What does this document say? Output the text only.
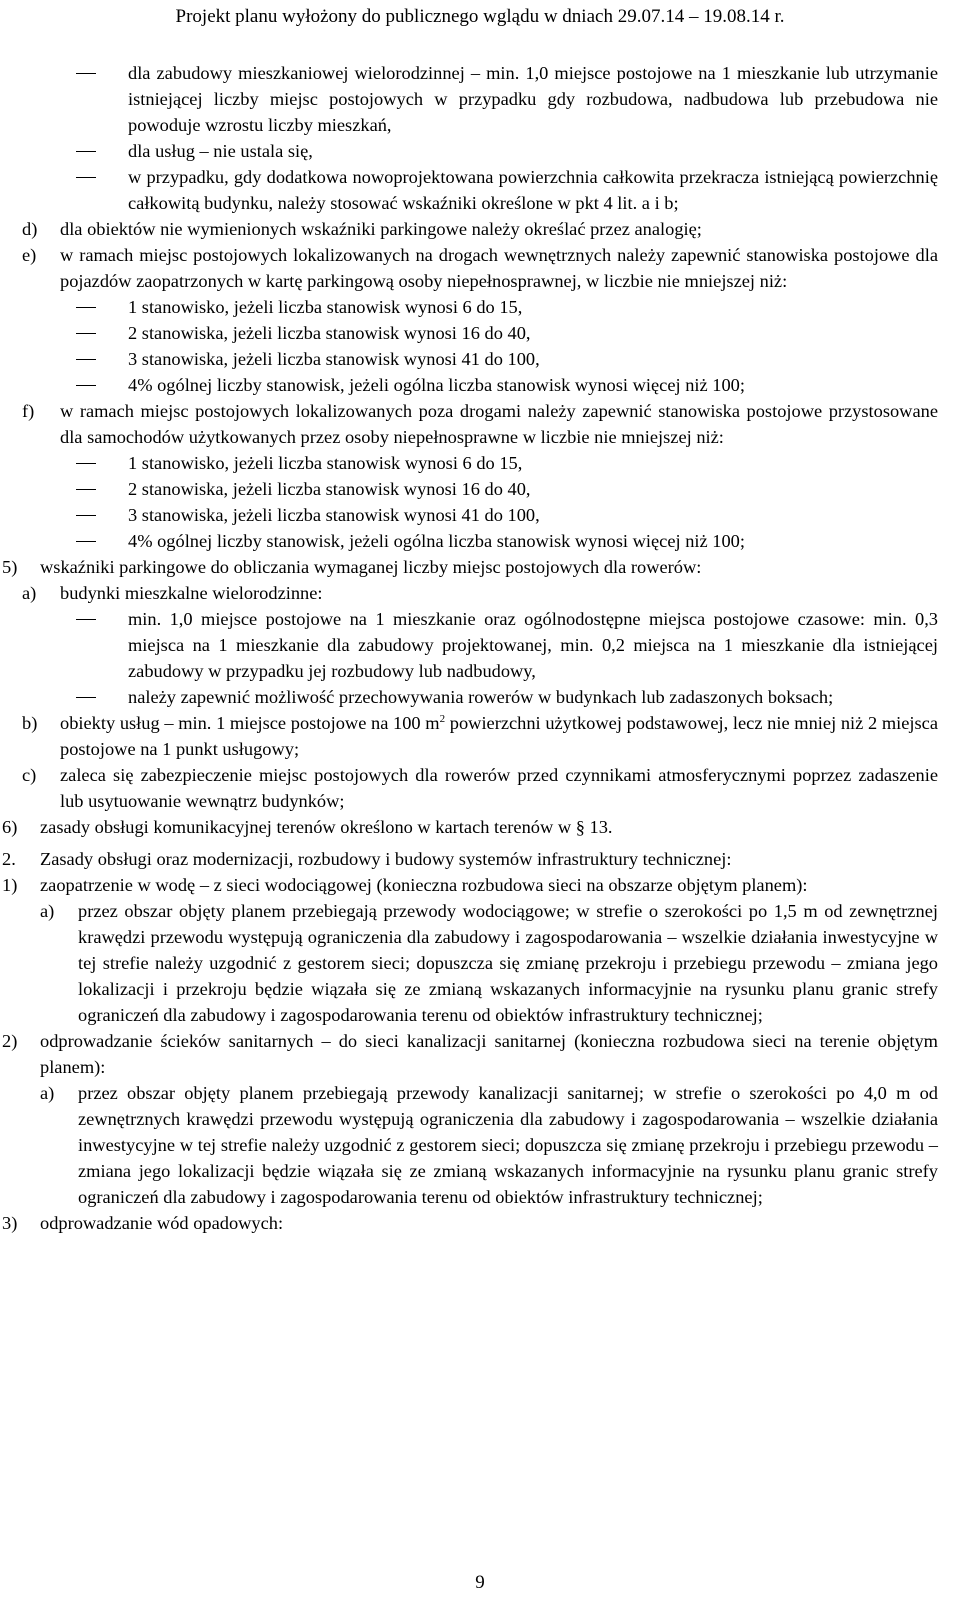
Projekt planu wyłożony do publicznego wglądu w dniach 29.07.14 – 19.08.14 r.
dla zabudowy mieszkaniowej wielorodzinnej – min. 1,0 miejsce postojowe na 1 mieszkanie lub utrzymanie istniejącej liczby miejsc postojowych w przypadku gdy rozbudowa, nadbudowa lub przebudowa nie powoduje wzrostu liczby mieszkań,
dla usług – nie ustala się,
w przypadku, gdy dodatkowa nowoprojektowana powierzchnia całkowita przekracza istniejącą powierzchnię całkowitą budynku, należy stosować wskaźniki określone w pkt 4 lit. a i b;
d)	dla obiektów nie wymienionych wskaźniki parkingowe należy określać przez analogię;
e)	w ramach miejsc postojowych lokalizowanych na drogach wewnętrznych należy zapewnić stanowiska postojowe dla pojazdów zaopatrzonych w kartę parkingową osoby niepełnosprawnej, w liczbie nie mniejszej niż:
1 stanowisko, jeżeli liczba stanowisk wynosi 6 do 15,
2 stanowiska, jeżeli liczba stanowisk wynosi 16 do 40,
3 stanowiska, jeżeli liczba stanowisk wynosi 41 do 100,
4% ogólnej liczby stanowisk, jeżeli ogólna liczba stanowisk wynosi więcej niż 100;
f)	w ramach miejsc postojowych lokalizowanych poza drogami należy zapewnić stanowiska postojowe przystosowane dla samochodów użytkowanych przez osoby niepełnosprawne w liczbie nie mniejszej niż:
1 stanowisko, jeżeli liczba stanowisk wynosi 6 do 15,
2 stanowiska, jeżeli liczba stanowisk wynosi 16 do 40,
3 stanowiska, jeżeli liczba stanowisk wynosi 41 do 100,
4% ogólnej liczby stanowisk, jeżeli ogólna liczba stanowisk wynosi więcej niż 100;
5)	wskaźniki parkingowe do obliczania wymaganej liczby miejsc postojowych dla rowerów:
a)	budynki mieszkalne wielorodzinne:
min. 1,0 miejsce postojowe na 1 mieszkanie oraz ogólnodostępne miejsca postojowe czasowe: min. 0,3 miejsca na 1 mieszkanie dla zabudowy projektowanej, min. 0,2 miejsca na 1 mieszkanie dla istniejącej zabudowy w przypadku jej rozbudowy lub nadbudowy,
należy zapewnić możliwość przechowywania rowerów w budynkach lub zadaszonych boksach;
b)	obiekty usług – min. 1 miejsce postojowe na 100 $m^2$ powierzchni użytkowej podstawowej, lecz nie mniej niż 2 miejsca postojowe na 1 punkt usługowy;
c)	zaleca się zabezpieczenie miejsc postojowych dla rowerów przed czynnikami atmosferycznymi poprzez zadaszenie lub usytuowanie wewnątrz budynków;
6)	zasady obsługi komunikacyjnej terenów określono w kartach terenów w § 13.
2.	Zasady obsługi oraz modernizacji, rozbudowy i budowy systemów infrastruktury technicznej:
1)	zaopatrzenie w wodę – z sieci wodociągowej (konieczna rozbudowa sieci na obszarze objętym planem):
a)	przez obszar objęty planem przebiegają przewody wodociągowe; w strefie o szerokości po 1,5 m od zewnętrznej krawędzi przewodu występują ograniczenia dla zabudowy i zagospodarowania – wszelkie działania inwestycyjne w tej strefie należy uzgodnić z gestorem sieci; dopuszcza się zmianę przekroju i przebiegu przewodu – zmiana jego lokalizacji i przekroju będzie wiązała się ze zmianą wskazanych informacyjnie na rysunku planu granic strefy ograniczeń dla zabudowy i zagospodarowania terenu od obiektów infrastruktury technicznej;
2)	odprowadzanie ścieków sanitarnych – do sieci kanalizacji sanitarnej (konieczna rozbudowa sieci na terenie objętym planem):
a)	przez obszar objęty planem przebiegają przewody kanalizacji sanitarnej; w strefie o szerokości po 4,0 m od zewnętrznych krawędzi przewodu występują ograniczenia dla zabudowy i zagospodarowania – wszelkie działania inwestycyjne w tej strefie należy uzgodnić z gestorem sieci; dopuszcza się zmianę przekroju i przebiegu przewodu – zmiana jego lokalizacji będzie wiązała się ze zmianą wskazanych informacyjnie na rysunku planu granic strefy ograniczeń dla zabudowy i zagospodarowania terenu od obiektów infrastruktury technicznej;
3)	odprowadzanie wód opadowych:
9
